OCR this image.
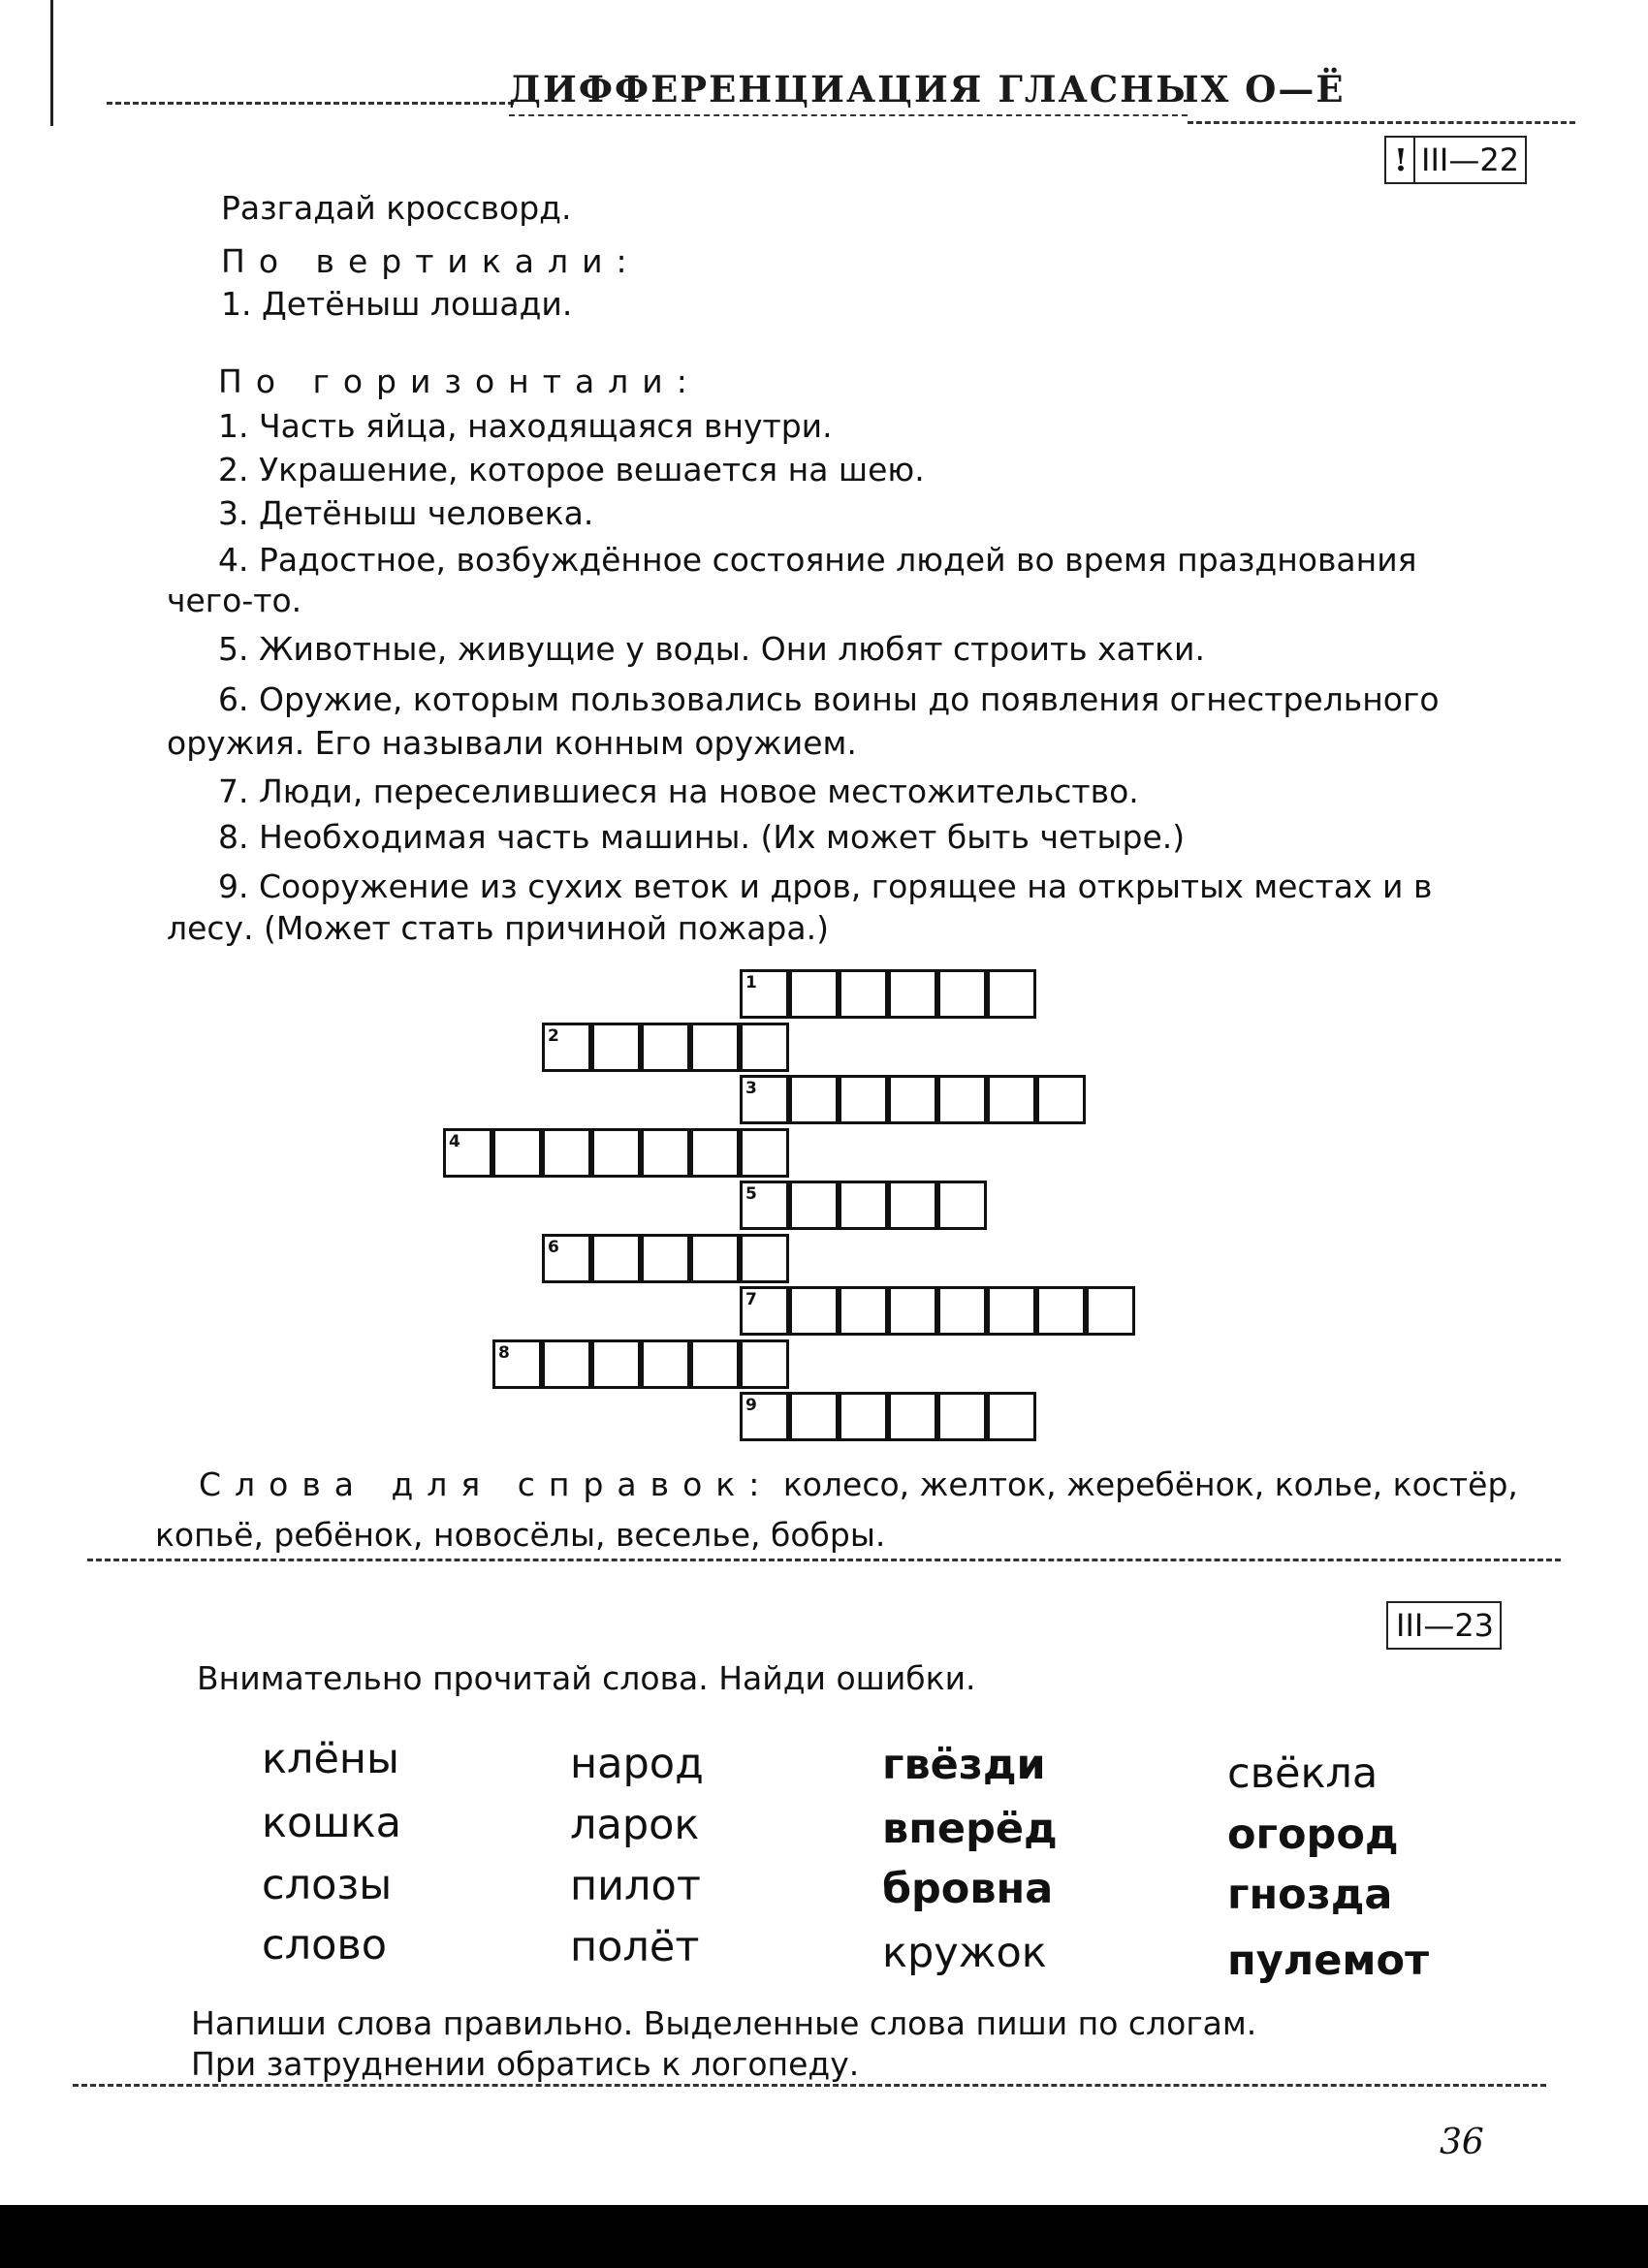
ДИФФЕРЕНЦИАЦИЯ ГЛАСНЫХ О—Ё
! III—22
Разгадай кроссворд.
По вертикали:
1. Детёныш лошади.
По горизонтали:
1. Часть яйца, находящаяся внутри.
2. Украшение, которое вешается на шею.
3. Детёныш человека.
4. Радостное, возбуждённое состояние людей во время празднования
чего-то.
5. Животные, живущие у воды. Они любят строить хатки.
6. Оружие, которым пользовались воины до появления огнестрельного
оружия. Его называли конным оружием.
7. Люди, переселившиеся на новое местожительство.
8. Необходимая часть машины. (Их может быть четыре.)
9. Сооружение из сухих веток и дров, горящее на открытых местах и в
лесу. (Может стать причиной пожара.)
1
2
3
4
5
6
7
8
9
Слова для справок: колесо, желток, жеребёнок, колье, костёр,
копьё, ребёнок, новосёлы, веселье, бобры.
III—23
Внимательно прочитай слова. Найди ошибки.
клёны
кошка
слозы
слово
народ
ларок
пилот
полёт
гвёзди
вперёд
бровна
кружок
свёкла
огород
гнозда
пулемот
Напиши слова правильно. Выделенные слова пиши по слогам.
При затруднении обратись к логопеду.
36
